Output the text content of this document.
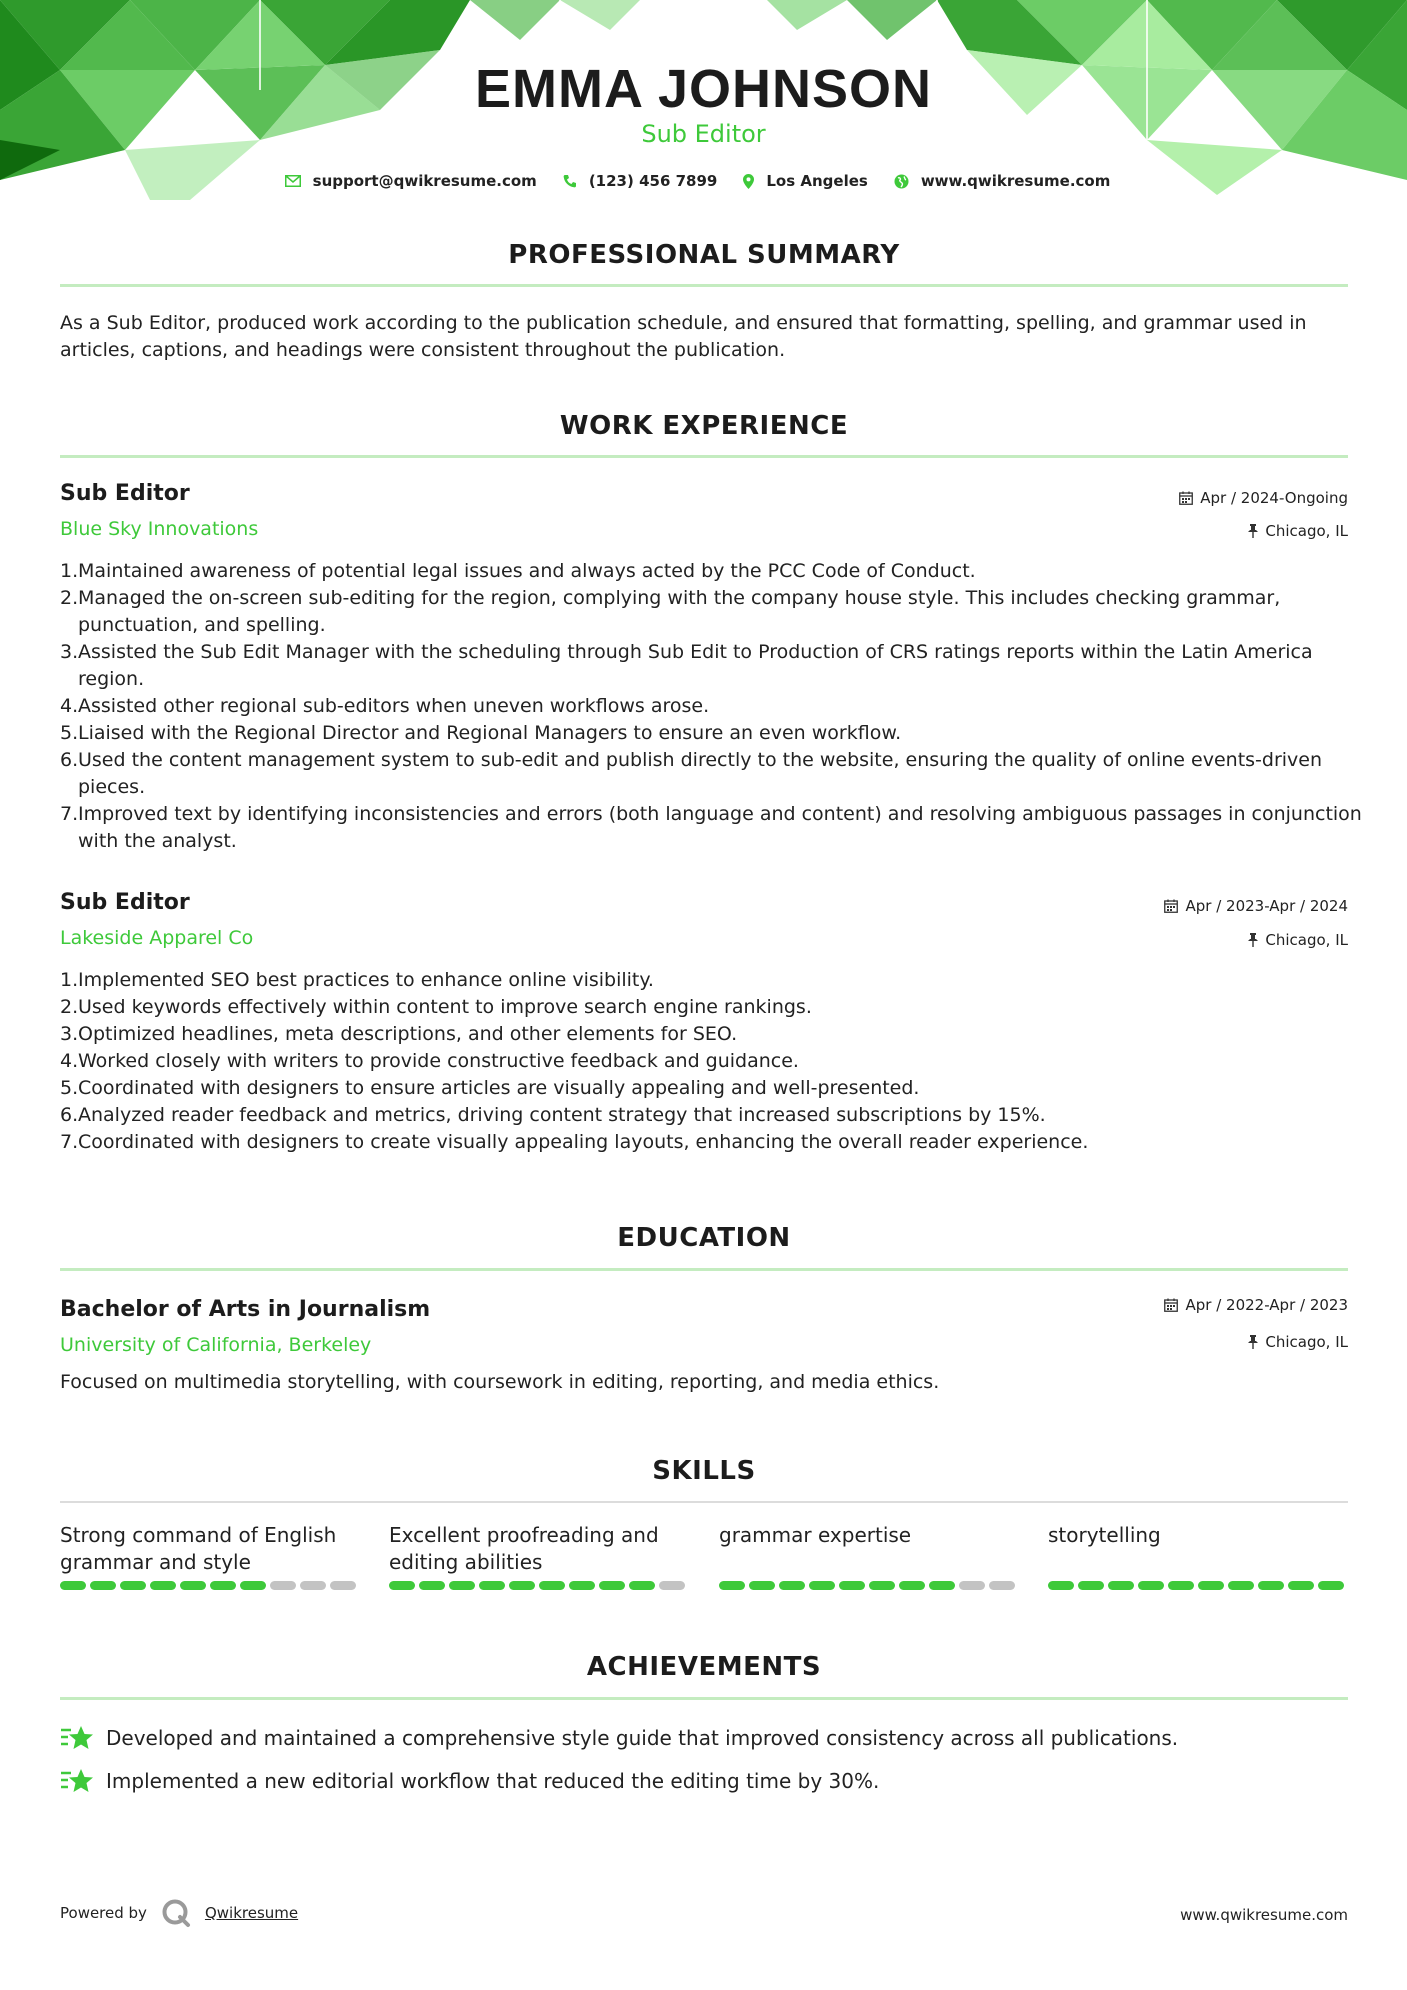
EMMA JOHNSON
Sub Editor
support@qwikresume.com	(123) 456 7899	Los Angeles	www.qwikresume.com
PROFESSIONAL SUMMARY
As a Sub Editor, produced work according to the publication schedule, and ensured that formatting, spelling, and grammar used in articles, captions, and headings were consistent throughout the publication.
WORK EXPERIENCE
Sub Editor
Blue Sky Innovations
Apr / 2024-Ongoing
Chicago, IL
1. Maintained awareness of potential legal issues and always acted by the PCC Code of Conduct.
2. Managed the on-screen sub-editing for the region, complying with the company house style. This includes checking grammar, punctuation, and spelling.
3. Assisted the Sub Edit Manager with the scheduling through Sub Edit to Production of CRS ratings reports within the Latin America region.
4. Assisted other regional sub-editors when uneven workflows arose.
5. Liaised with the Regional Director and Regional Managers to ensure an even workflow.
6. Used the content management system to sub-edit and publish directly to the website, ensuring the quality of online events-driven pieces.
7. Improved text by identifying inconsistencies and errors (both language and content) and resolving ambiguous passages in conjunction with the analyst.
Sub Editor
Lakeside Apparel Co
Apr / 2023-Apr / 2024
Chicago, IL
1. Implemented SEO best practices to enhance online visibility.
2. Used keywords effectively within content to improve search engine rankings.
3. Optimized headlines, meta descriptions, and other elements for SEO.
4. Worked closely with writers to provide constructive feedback and guidance.
5. Coordinated with designers to ensure articles are visually appealing and well-presented.
6. Analyzed reader feedback and metrics, driving content strategy that increased subscriptions by 15%.
7. Coordinated with designers to create visually appealing layouts, enhancing the overall reader experience.
EDUCATION
Bachelor of Arts in Journalism
University of California, Berkeley
Apr / 2022-Apr / 2023
Chicago, IL
Focused on multimedia storytelling, with coursework in editing, reporting, and media ethics.
SKILLS
Strong command of English grammar and style
Excellent proofreading and editing abilities
grammar expertise	storytelling
ACHIEVEMENTS
Developed and maintained a comprehensive style guide that improved consistency across all publications.
Implemented a new editorial workflow that reduced the editing time by 30%.
Powered by	Qwikresume	www.qwikresume.com
